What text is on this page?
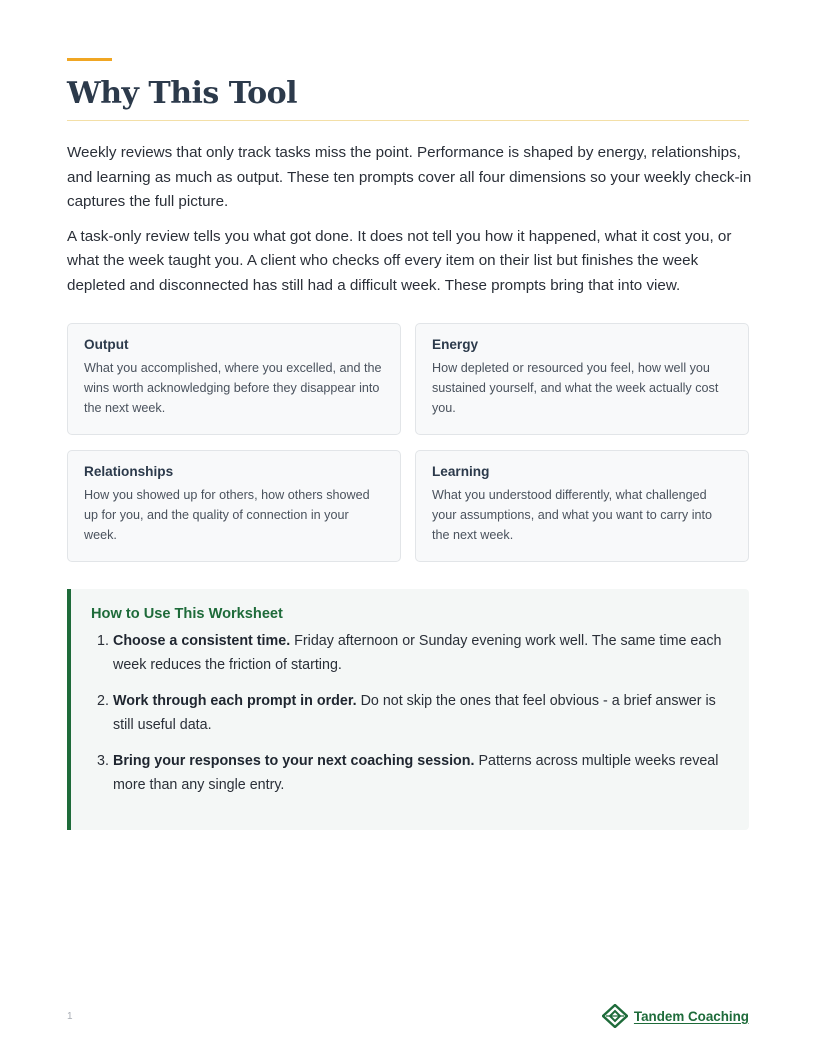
Why This Tool

Weekly reviews that only track tasks miss the point. Performance is shaped by energy, relationships, and learning as much as output. These ten prompts cover all four dimensions so your weekly check-in captures the full picture.

A task-only review tells you what got done. It does not tell you how it happened, what it cost you, or what the week taught you. A client who checks off every item on their list but finishes the week depleted and disconnected has still had a difficult week. These prompts bring that into view.

Output
What you accomplished, where you excelled, and the wins worth acknowledging before they disappear into the next week.
Energy
How depleted or resourced you feel, how well you sustained yourself, and what the week actually cost you.
Relationships
How you showed up for others, how others showed up for you, and the quality of connection in your week.
Learning
What you understood differently, what challenged your assumptions, and what you want to carry into the next week.
How to Use This Worksheet
1. Choose a consistent time. Friday afternoon or Sunday evening work well. The same time each week reduces the friction of starting.
2. Work through each prompt in order. Do not skip the ones that feel obvious - a brief answer is still useful data.
3. Bring your responses to your next coaching session. Patterns across multiple weeks reveal more than any single entry.
1	Tandem Coaching
